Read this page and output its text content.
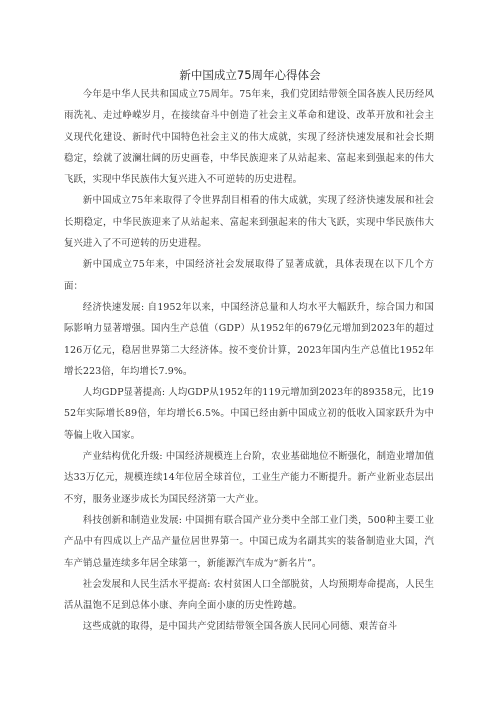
新中国成立75周年心得体会

今年是中华人民共和国成立75周年。75年来，我们党团结带领全国各族人民历经风雨洗礼、走过峥嵘岁月，在接续奋斗中创造了社会主义革命和建设、改革开放和社会主义现代化建设、新时代中国特色社会主义的伟大成就，实现了经济快速发展和社会长期稳定，绘就了波澜壮阔的历史画卷，中华民族迎来了从站起来、富起来到强起来的伟大飞跃，实现中华民族伟大复兴进入不可逆转的历史进程。

新中国成立75年来取得了令世界刮目相看的伟大成就，实现了经济快速发展和社会长期稳定，中华民族迎来了从站起来、富起来到强起来的伟大飞跃，实现中华民族伟大复兴进入了不可逆转的历史进程。

新中国成立75年来，中国经济社会发展取得了显著成就，具体表现在以下几个方面：

经济快速发展: 自1952年以来，中国经济总量和人均水平大幅跃升，综合国力和国际影响力显著增强。国内生产总值（GDP）从1952年的679亿元增加到2023年的超过126万亿元，稳居世界第二大经济体。按不变价计算，2023年国内生产总值比1952年增长223倍，年均增长7.9%。

人均GDP显著提高: 人均GDP从1952年的119元增加到2023年的89358元，比1952年实际增长89倍，年均增长6.5%。中国已经由新中国成立初的低收入国家跃升为中等偏上收入国家。

产业结构优化升级: 中国经济规模连上台阶，农业基础地位不断强化，制造业增加值达33万亿元，规模连续14年位居全球首位，工业生产能力不断提升。新产业新业态层出不穷，服务业逐步成长为国民经济第一大产业。

科技创新和制造业发展: 中国拥有联合国产业分类中全部工业门类，500种主要工业产品中有四成以上产品产量位居世界第一。中国已成为名副其实的装备制造业大国，汽车产销总量连续多年居全球第一，新能源汽车成为“新名片”。

社会发展和人民生活水平提高: 农村贫困人口全部脱贫，人均预期寿命提高，人民生活从温饱不足到总体小康、奔向全面小康的历史性跨越。

这些成就的取得，是中国共产党团结带领全国各族人民同心同德、艰苦奋斗
